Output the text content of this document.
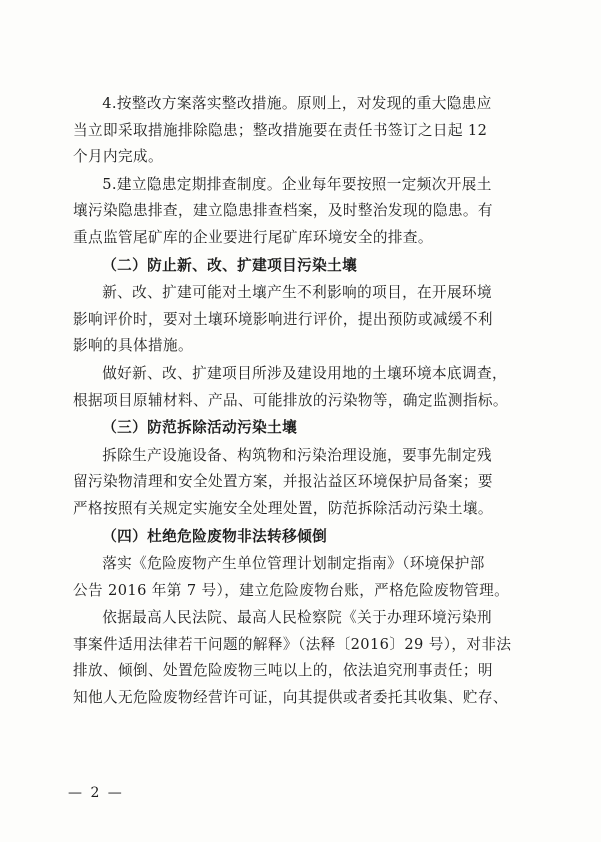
4.按整改方案落实整改措施。原则上，对发现的重大隐患应
当立即采取措施排除隐患；整改措施要在责任书签订之日起 12
个月内完成。
5.建立隐患定期排查制度。企业每年要按照一定频次开展土
壤污染隐患排查，建立隐患排查档案，及时整治发现的隐患。有
重点监管尾矿库的企业要进行尾矿库环境安全的排查。
（二）防止新、改、扩建项目污染土壤
新、改、扩建可能对土壤产生不利影响的项目，在开展环境
影响评价时，要对土壤环境影响进行评价，提出预防或减缓不利
影响的具体措施。
做好新、改、扩建项目所涉及建设用地的土壤环境本底调查，
根据项目原辅材料、产品、可能排放的污染物等，确定监测指标。
（三）防范拆除活动污染土壤
拆除生产设施设备、构筑物和污染治理设施，要事先制定残
留污染物清理和安全处置方案，并报沾益区环境保护局备案；要
严格按照有关规定实施安全处理处置，防范拆除活动污染土壤。
（四）杜绝危险废物非法转移倾倒
落实《危险废物产生单位管理计划制定指南》（环境保护部
公告 2016 年第 7 号），建立危险废物台账，严格危险废物管理。
依据最高人民法院、最高人民检察院《关于办理环境污染刑
事案件适用法律若干问题的解释》（法释〔2016〕29 号），对非法
排放、倾倒、处置危险废物三吨以上的，依法追究刑事责任；明
知他人无危险废物经营许可证，向其提供或者委托其收集、贮存、
— 2 —
